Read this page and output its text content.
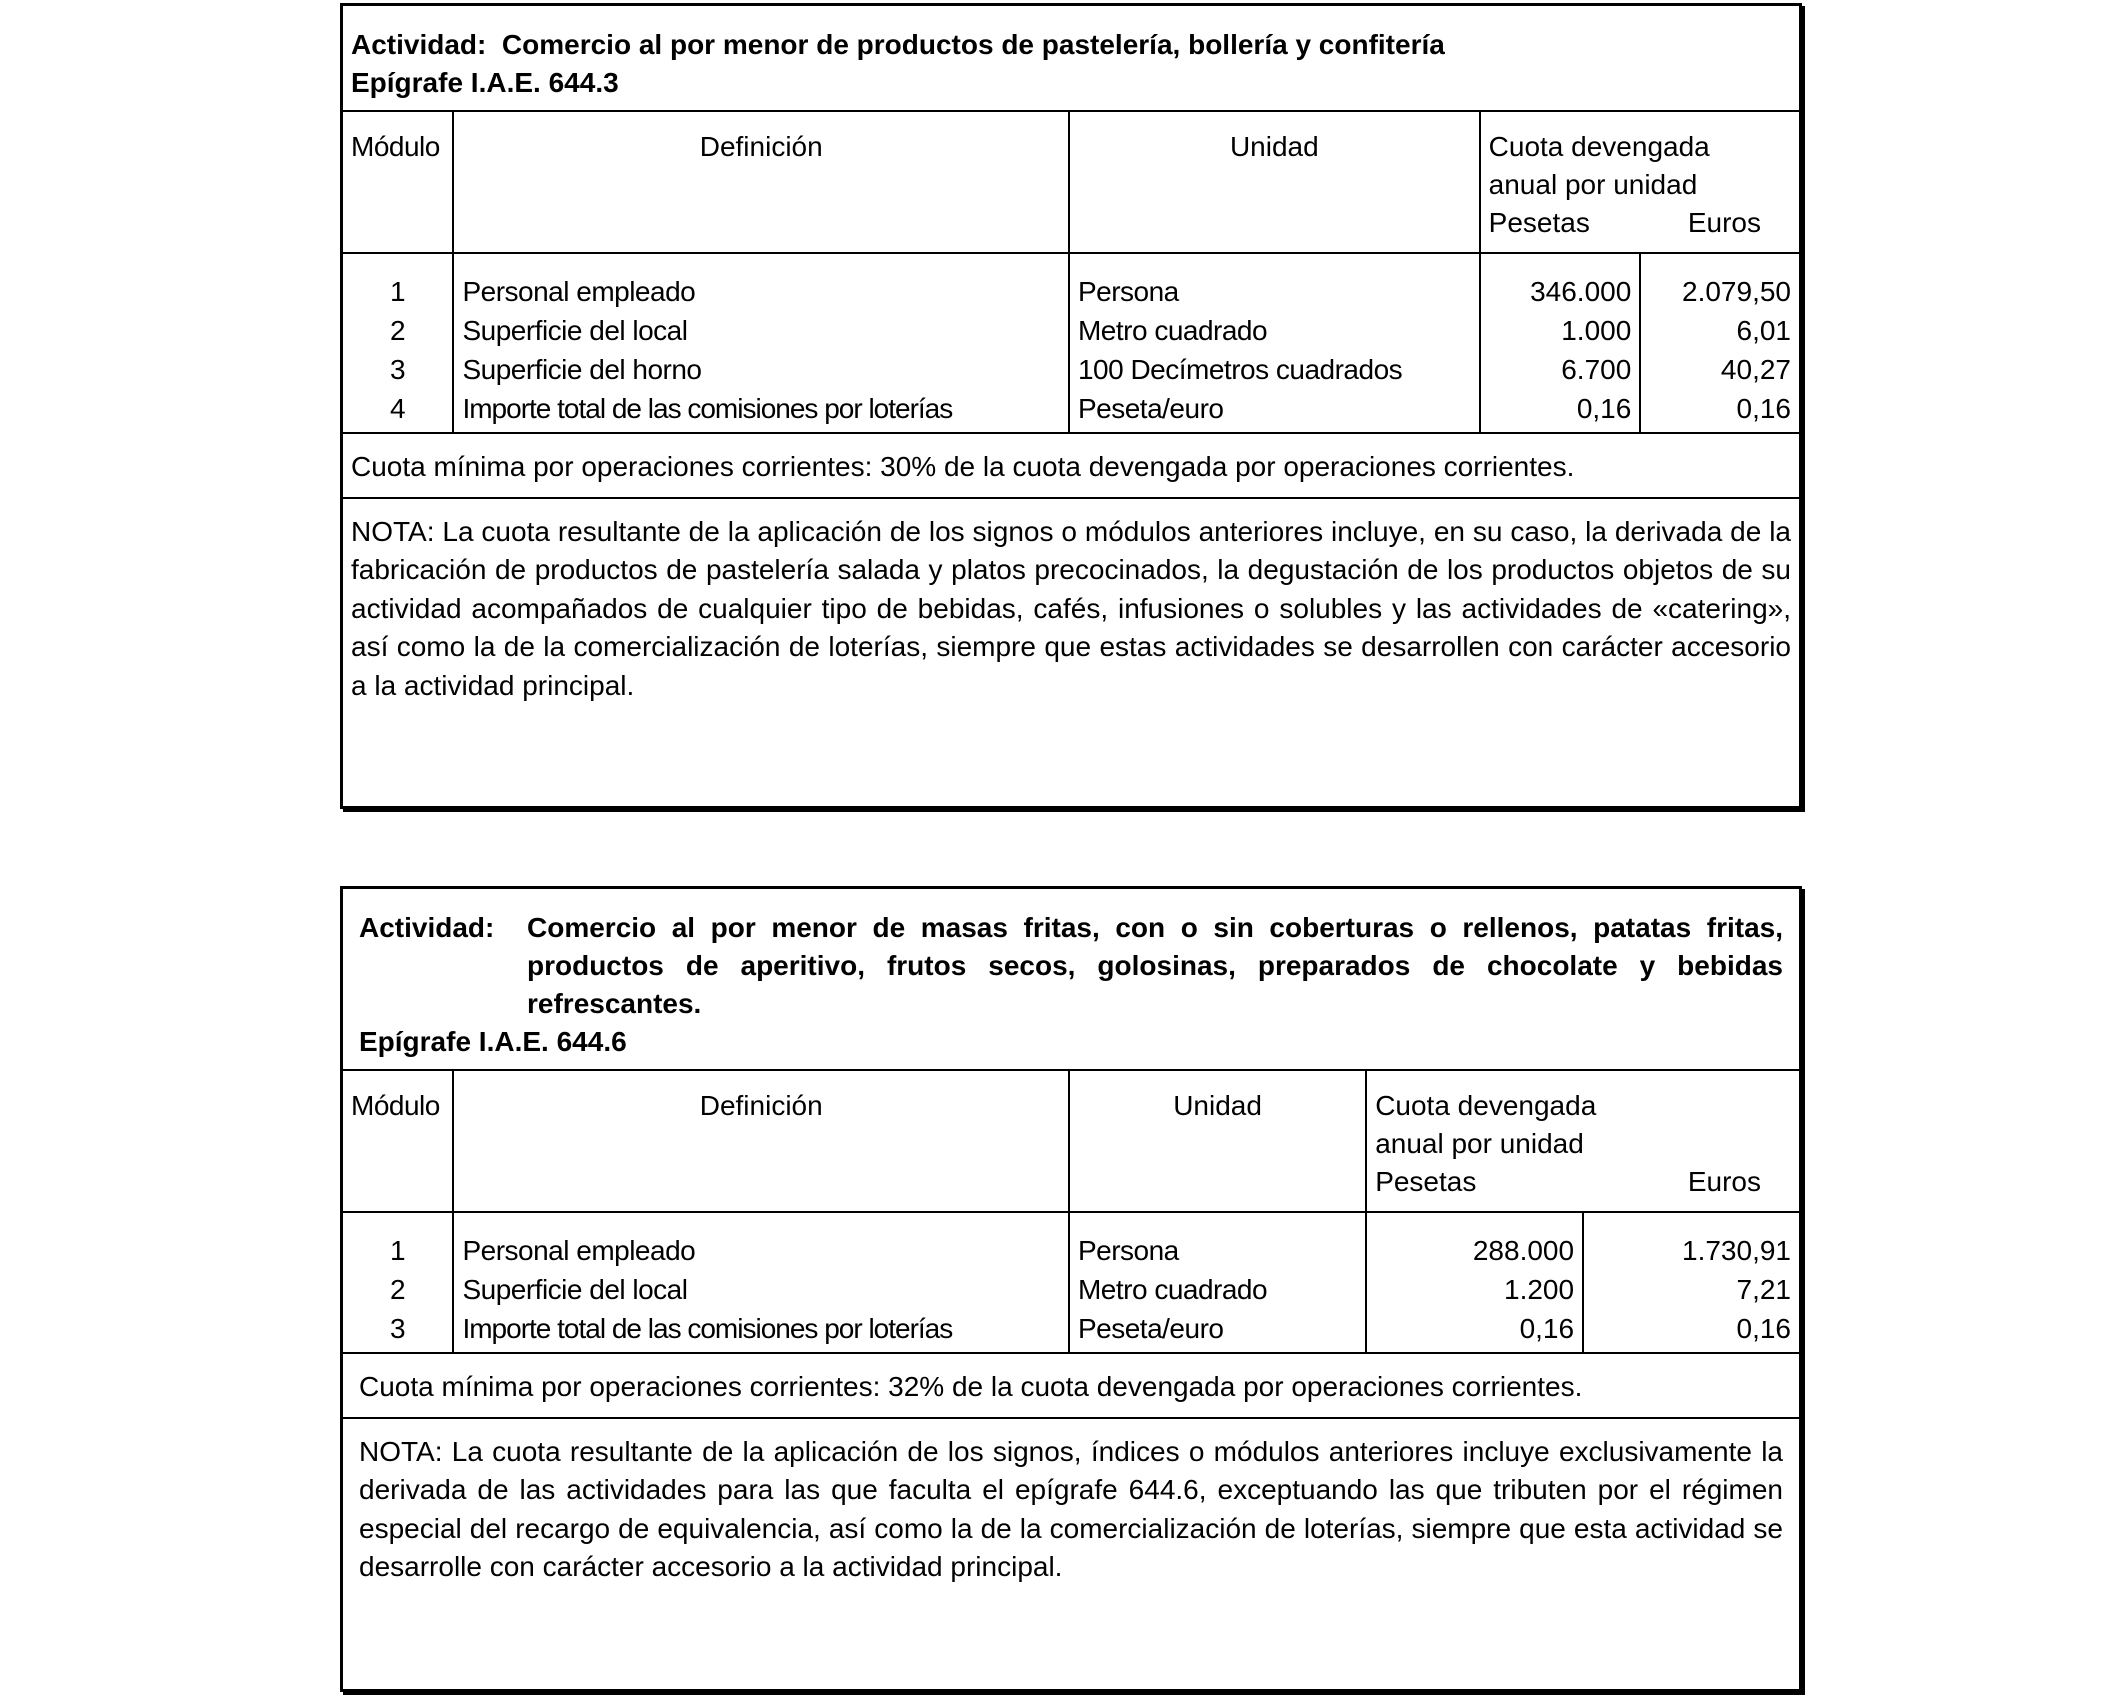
Actividad:
Comercio al por menor de productos de pastelería, bollería y confitería
Epígrafe I.A.E. 644.3
Módulo	Definición	Unidad	Cuota devengada
anual por unidad
Pesetas Euros	

1	Personal empleado	Persona	346.000	2.079,50
2	Superficie del local	Metro cuadrado	1.000	6,01
3	Superficie del horno	100 Decímetros cuadrados	6.700	40,27
4	Importe total de las comisiones por loterías	Peseta/euro	0,16	0,16
Cuota mínima por operaciones corrientes: 30% de la cuota devengada por operaciones corrientes.
NOTA: La cuota resultante de la aplicación de los signos o módulos anteriores incluye, en su caso, la derivada de la fabricación de productos de pastelería salada y platos precocinados, la degustación de los productos objetos de su actividad acompañados de cualquier tipo de bebidas, cafés, infusiones o solubles y las actividades de «catering», así como la de la comercialización de loterías, siempre que estas actividades se desarrollen con carácter accesorio a la actividad principal.
Actividad:	Comercio al por menor de masas fritas, con o sin coberturas o rellenos, patatas fritas, productos de aperitivo, frutos secos, golosinas, preparados de chocolate y bebidas refrescantes.
Epígrafe I.A.E. 644.6
Módulo	Definición	Unidad	Cuota devengada
anual por unidad
Pesetas Euros	

1	Personal empleado	Persona	288.000	1.730,91
2	Superficie del local	Metro cuadrado	1.200	7,21
3	Importe total de las comisiones por loterías	Peseta/euro	0,16	0,16
Cuota mínima por operaciones corrientes: 32% de la cuota devengada por operaciones corrientes.
NOTA: La cuota resultante de la aplicación de los signos, índices o módulos anteriores incluye exclusivamente la derivada de las actividades para las que faculta el epígrafe 644.6, exceptuando las que tributen por el régimen especial del recargo de equivalencia, así como la de la comercialización de loterías, siempre que esta actividad se desarrolle con carácter accesorio a la actividad principal.
